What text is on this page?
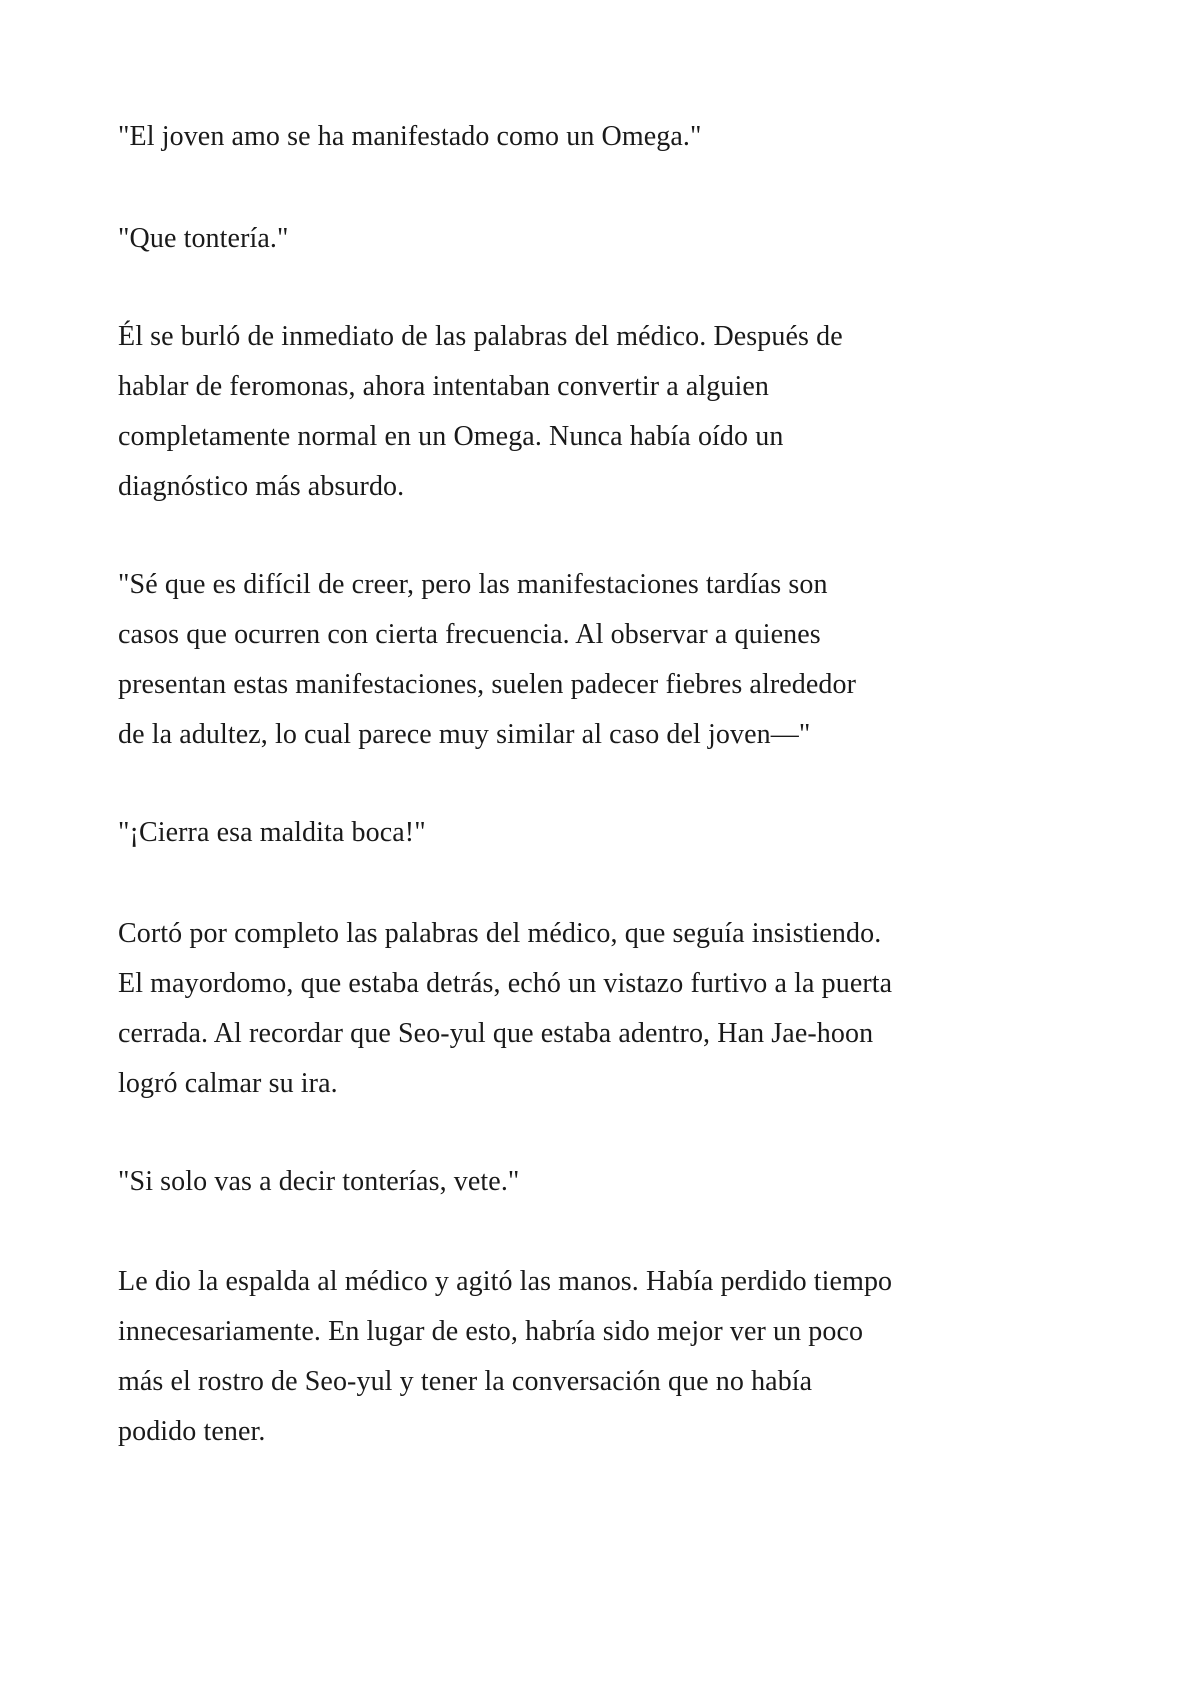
"El joven amo se ha manifestado como un Omega."
"Que tontería."
Él se burló de inmediato de las palabras del médico. Después de
hablar de feromonas, ahora intentaban convertir a alguien
completamente normal en un Omega. Nunca había oído un
diagnóstico más absurdo.
"Sé que es difícil de creer, pero las manifestaciones tardías son
casos que ocurren con cierta frecuencia. Al observar a quienes
presentan estas manifestaciones, suelen padecer fiebres alrededor
de la adultez, lo cual parece muy similar al caso del joven—"
"¡Cierra esa maldita boca!"
Cortó por completo las palabras del médico, que seguía insistiendo.
El mayordomo, que estaba detrás, echó un vistazo furtivo a la puerta
cerrada. Al recordar que Seo-yul que estaba adentro, Han Jae-hoon
logró calmar su ira.
"Si solo vas a decir tonterías, vete."
Le dio la espalda al médico y agitó las manos. Había perdido tiempo
innecesariamente. En lugar de esto, habría sido mejor ver un poco
más el rostro de Seo-yul y tener la conversación que no había
podido tener.
